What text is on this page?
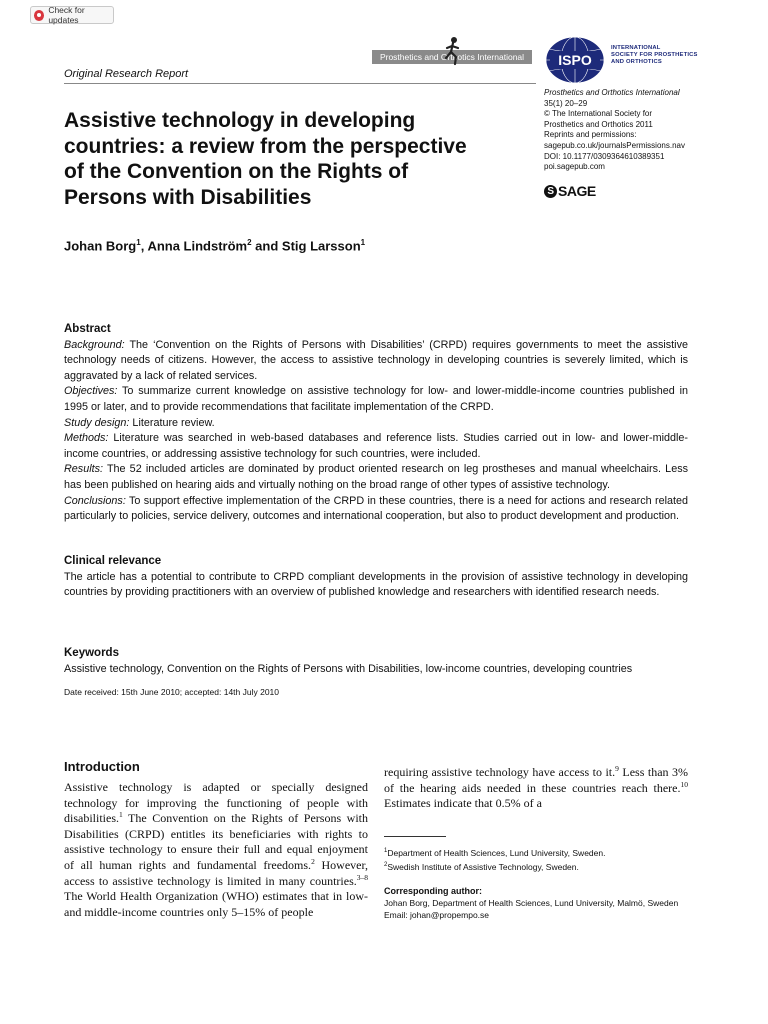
Check for updates
Prosthetics and Orthotics International	ISPO
INTERNATIONAL
SOCIETY FOR PROSTHETICS
AND ORTHOTICS
Original Research Report
Prosthetics and Orthotics International
35(1) 20–29
© The International Society for
Prosthetics and Orthotics 2011
Reprints and permissions:
sagepub.co.uk/journalsPermissions.nav
DOI: 10.1177/0309364610389351
poi.sagepub.com
S SAGE
Assistive technology in developing countries: a review from the perspective of the Convention on the Rights of Persons with Disabilities
Johan Borg$^1$, Anna Lindström$^2$ and Stig Larsson$^1$
Abstract
Background: The ‘Convention on the Rights of Persons with Disabilities’ (CRPD) requires governments to meet the assistive technology needs of citizens. However, the access to assistive technology in developing countries is severely limited, which is aggravated by a lack of related services.
Objectives: To summarize current knowledge on assistive technology for low- and lower-middle-income countries published in 1995 or later, and to provide recommendations that facilitate implementation of the CRPD.
Study design: Literature review.
Methods: Literature was searched in web-based databases and reference lists. Studies carried out in low- and lower-middle-income countries, or addressing assistive technology for such countries, were included.
Results: The 52 included articles are dominated by product oriented research on leg prostheses and manual wheelchairs. Less has been published on hearing aids and virtually nothing on the broad range of other types of assistive technology.
Conclusions: To support effective implementation of the CRPD in these countries, there is a need for actions and research related particularly to policies, service delivery, outcomes and international cooperation, but also to product development and production.
Clinical relevance
The article has a potential to contribute to CRPD compliant developments in the provision of assistive technology in developing countries by providing practitioners with an overview of published knowledge and researchers with identified research needs.
Keywords
Assistive technology, Convention on the Rights of Persons with Disabilities, low-income countries, developing countries
Date received: 15th June 2010; accepted: 14th July 2010
Introduction
Assistive technology is adapted or specially designed technology for improving the functioning of people with disabilities.$^1$ The Convention on the Rights of Persons with Disabilities (CRPD) entitles its beneficiaries with rights to assistive technology to ensure their full and equal enjoyment of all human rights and fundamental freedoms.$^2$ However, access to assistive technology is limited in many countries.$^{3-8}$ The World Health Organization (WHO) estimates that in low- and middle-income countries only 5–15% of people
requiring assistive technology have access to it.$^9$ Less than 3% of the hearing aids needed in these countries reach there.$^{10}$ Estimates indicate that 0.5% of a
$^1$Department of Health Sciences, Lund University, Sweden.
$^2$Swedish Institute of Assistive Technology, Sweden.
Corresponding author:
Johan Borg, Department of Health Sciences, Lund University, Malmö, Sweden
Email: johan@propempo.se
